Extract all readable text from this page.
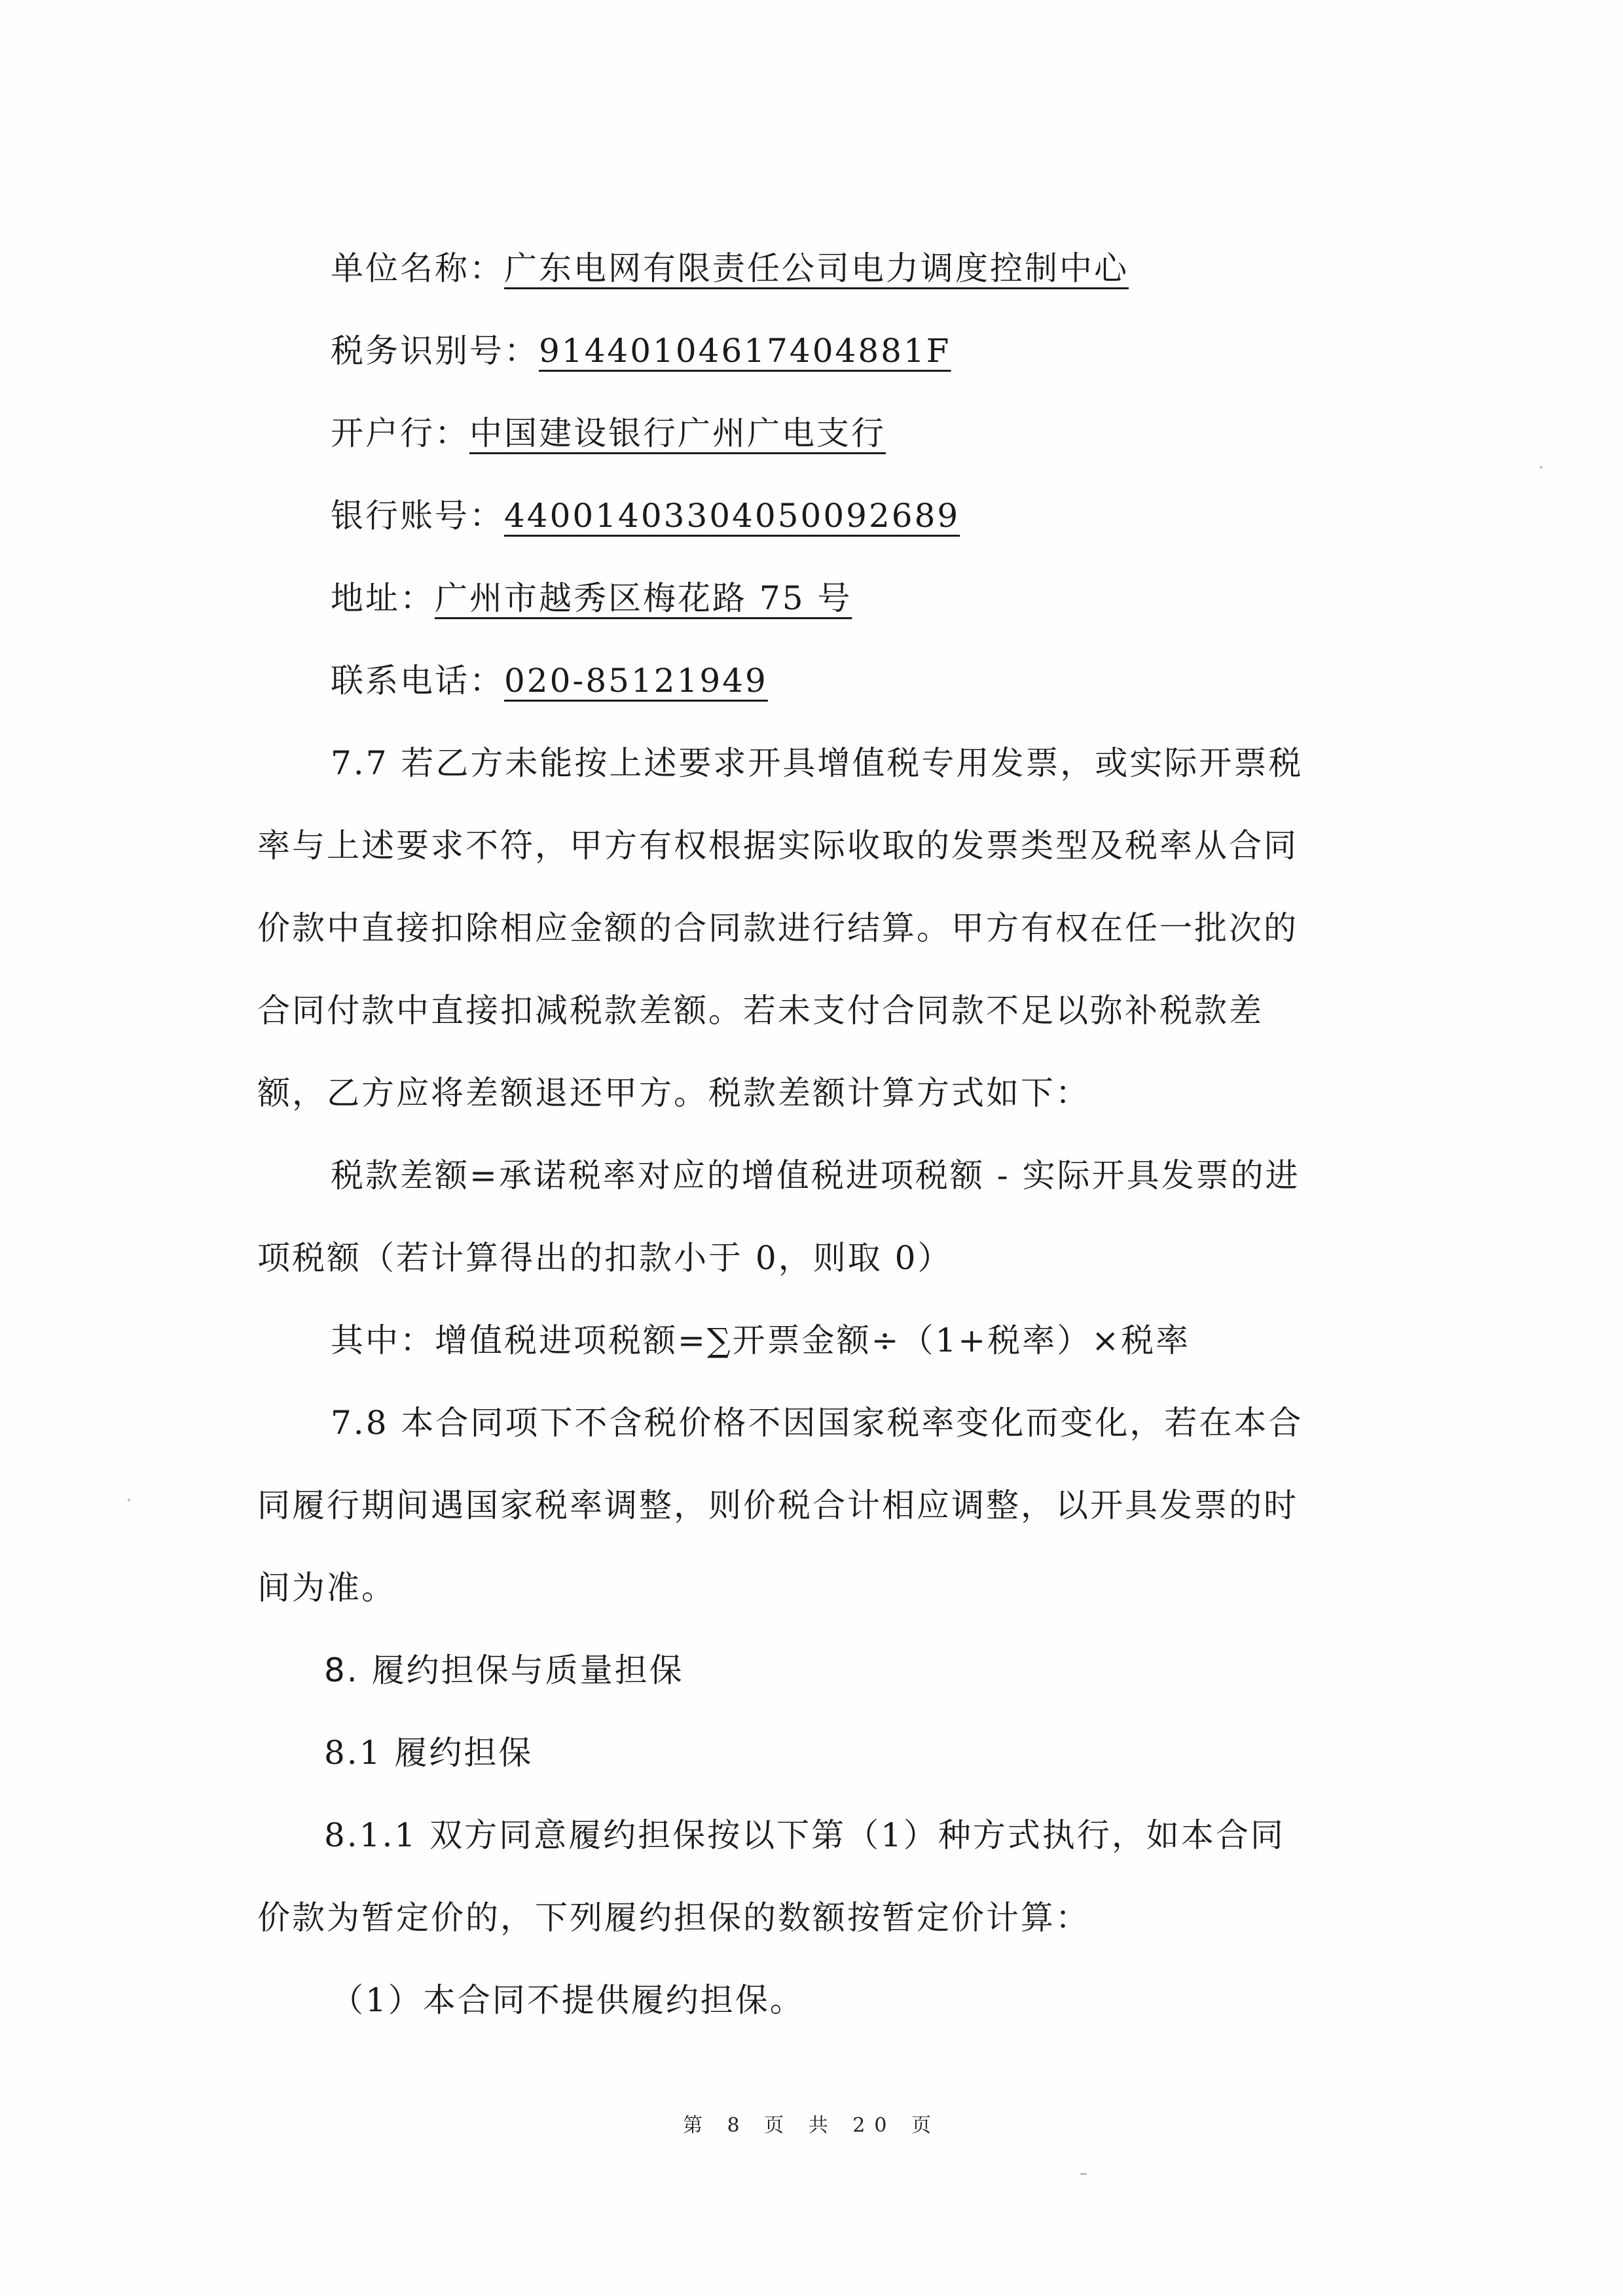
单位名称：广东电网有限责任公司电力调度控制中心
税务识别号：91440104617404881F
开户行：中国建设银行广州广电支行
银行账号：44001403304050092689
地址：广州市越秀区梅花路 75 号
联系电话：020-85121949
7.7 若乙方未能按上述要求开具增值税专用发票，或实际开票税
率与上述要求不符，甲方有权根据实际收取的发票类型及税率从合同
价款中直接扣除相应金额的合同款进行结算。甲方有权在任一批次的
合同付款中直接扣减税款差额。若未支付合同款不足以弥补税款差
额，乙方应将差额退还甲方。税款差额计算方式如下：
税款差额=承诺税率对应的增值税进项税额 - 实际开具发票的进
项税额（若计算得出的扣款小于 0，则取 0）
其中：增值税进项税额=∑开票金额÷（1+税率）×税率
7.8 本合同项下不含税价格不因国家税率变化而变化，若在本合
同履行期间遇国家税率调整，则价税合计相应调整，以开具发票的时
间为准。
8. 履约担保与质量担保
8.1 履约担保
8.1.1 双方同意履约担保按以下第（1）种方式执行，如本合同
价款为暂定价的，下列履约担保的数额按暂定价计算：
（1）本合同不提供履约担保。
第 8 页 共 20 页
